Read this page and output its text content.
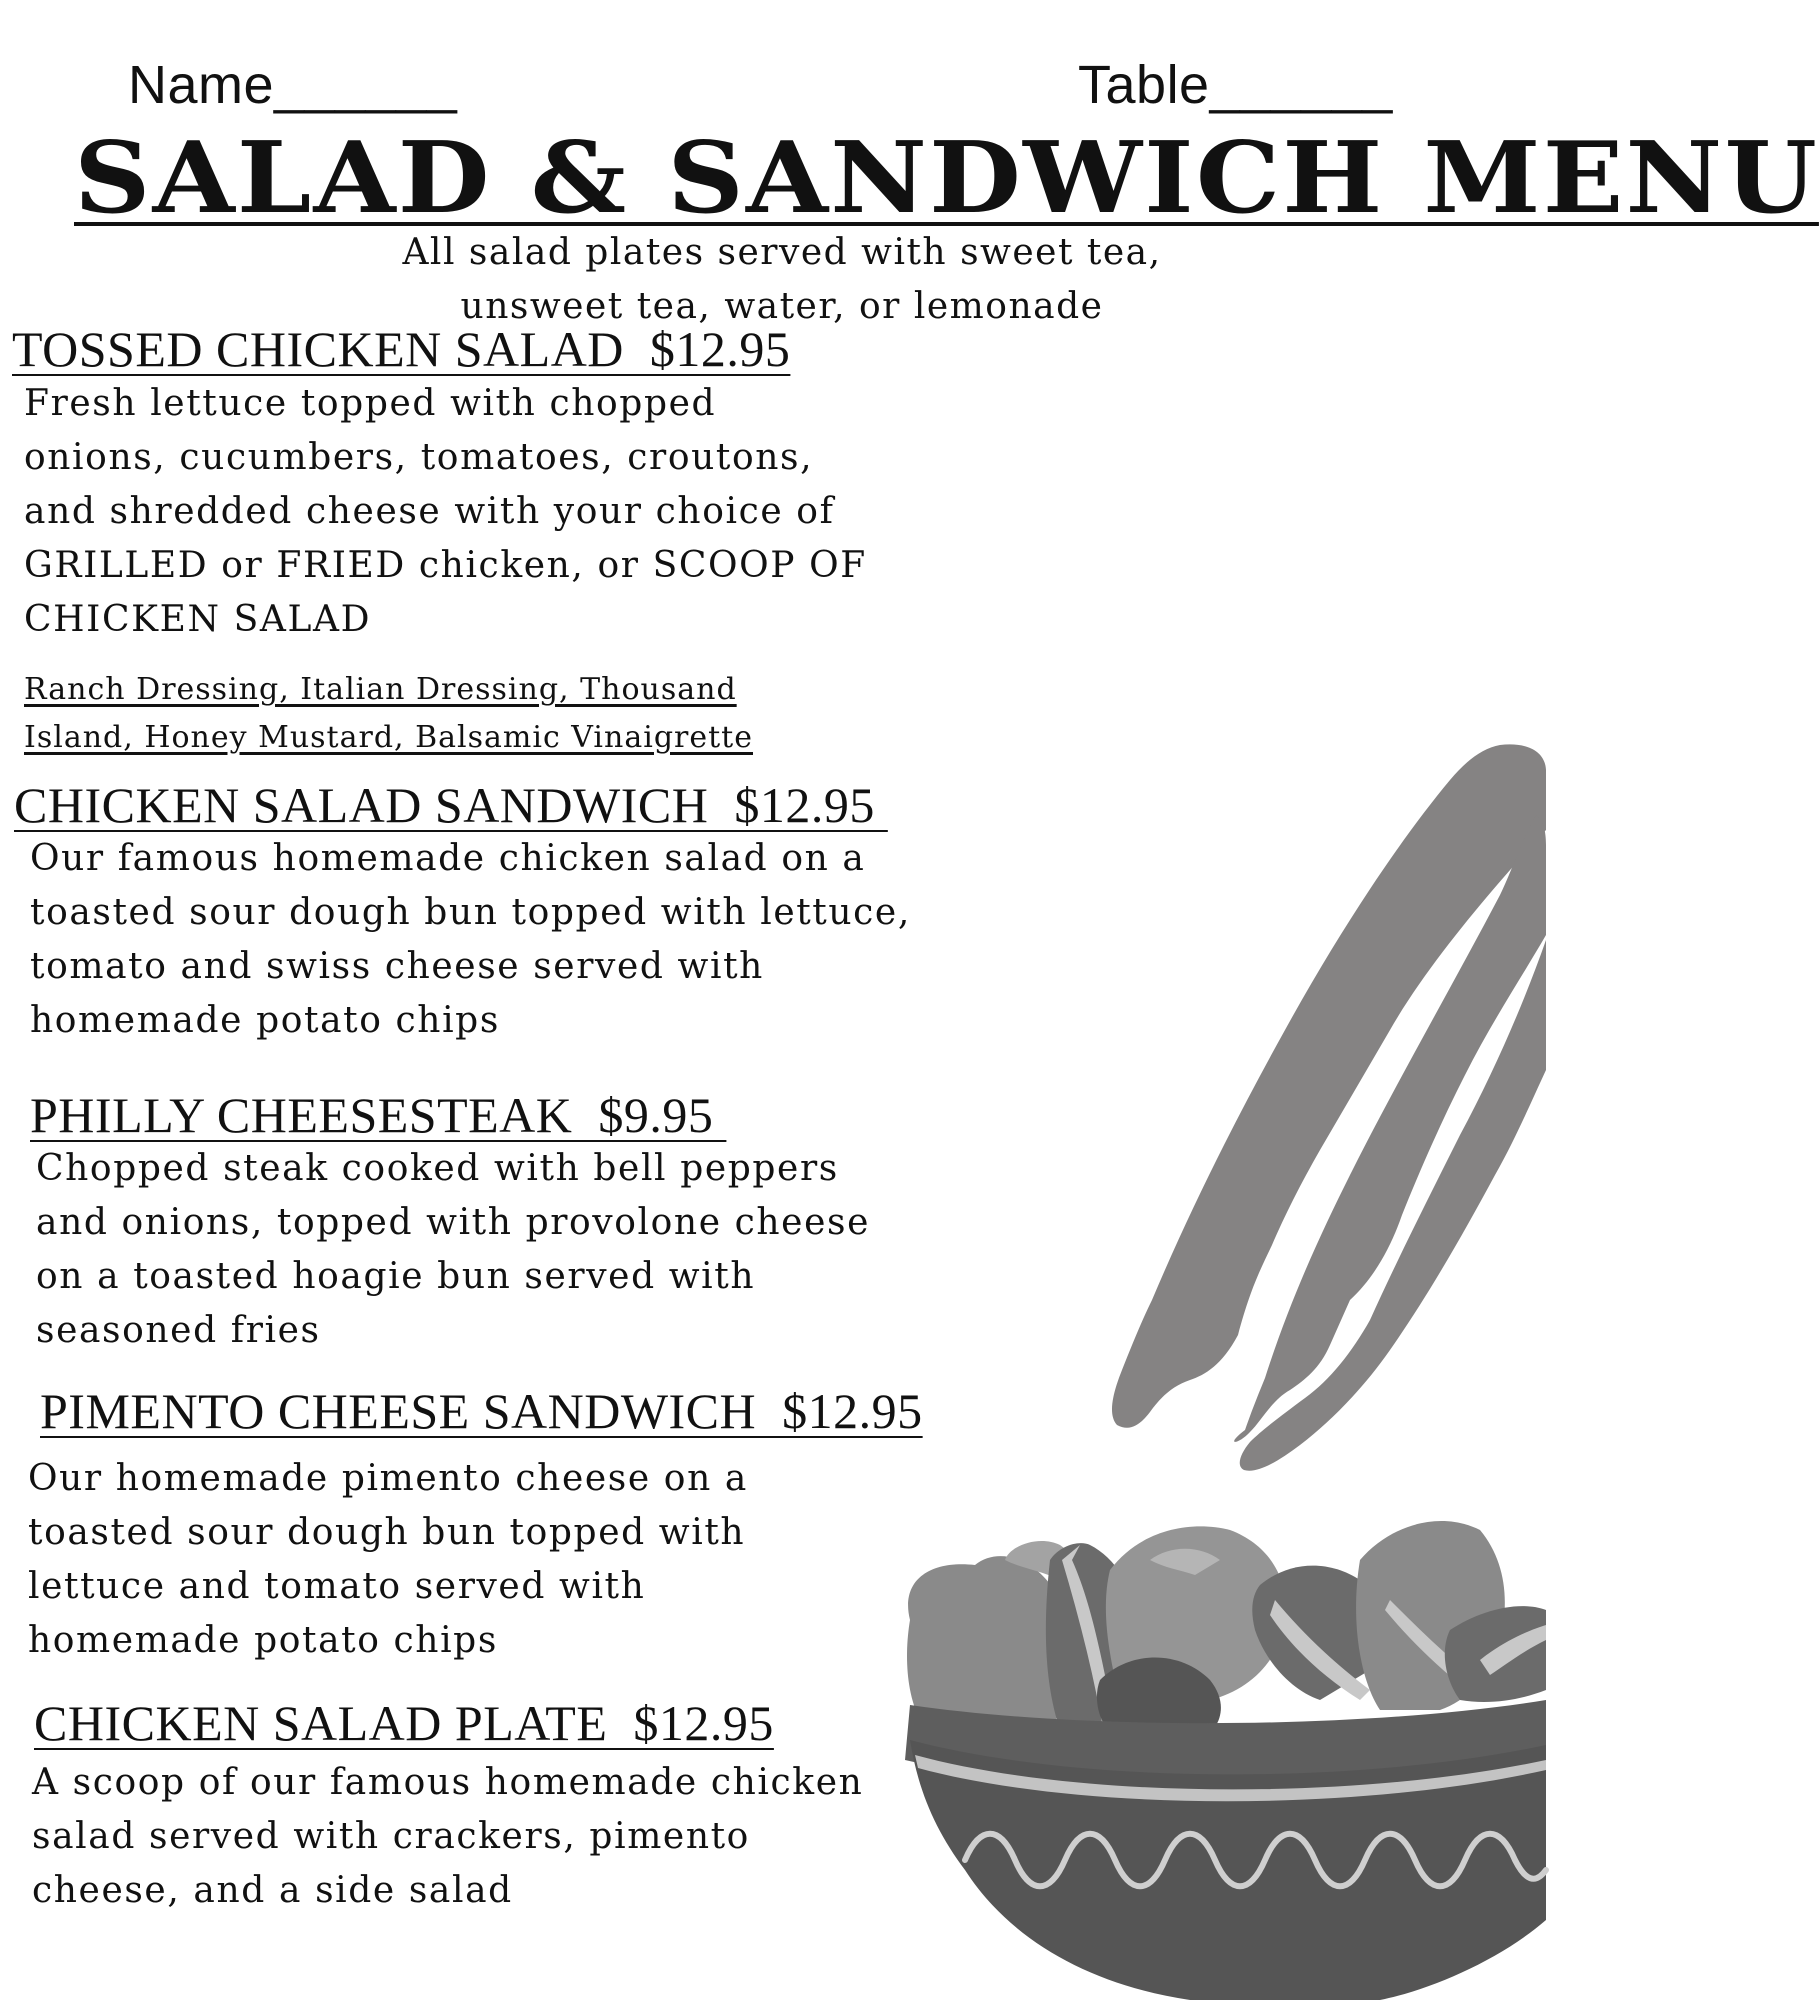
Name______	Table______
SALAD & SANDWICH MENU
All salad plates served with sweet tea,
unsweet tea, water, or lemonade
TOSSED CHICKEN SALAD  $12.95
Fresh lettuce topped with chopped
onions, cucumbers, tomatoes, croutons,
and shredded cheese with your choice of
GRILLED or FRIED chicken, or SCOOP OF
CHICKEN SALAD
Ranch Dressing, Italian Dressing, Thousand
Island, Honey Mustard, Balsamic Vinaigrette
CHICKEN SALAD SANDWICH  $12.95
Our famous homemade chicken salad on a
toasted sour dough bun topped with lettuce,
tomato and swiss cheese served with
homemade potato chips
PHILLY CHEESESTEAK  $9.95
Chopped steak cooked with bell peppers
and onions, topped with provolone cheese
on a toasted hoagie bun served with
seasoned fries
PIMENTO CHEESE SANDWICH  $12.95
Our homemade pimento cheese on a
toasted sour dough bun topped with
lettuce and tomato served with
homemade potato chips
CHICKEN SALAD PLATE  $12.95
A scoop of our famous homemade chicken
salad served with crackers, pimento
cheese, and a side salad
